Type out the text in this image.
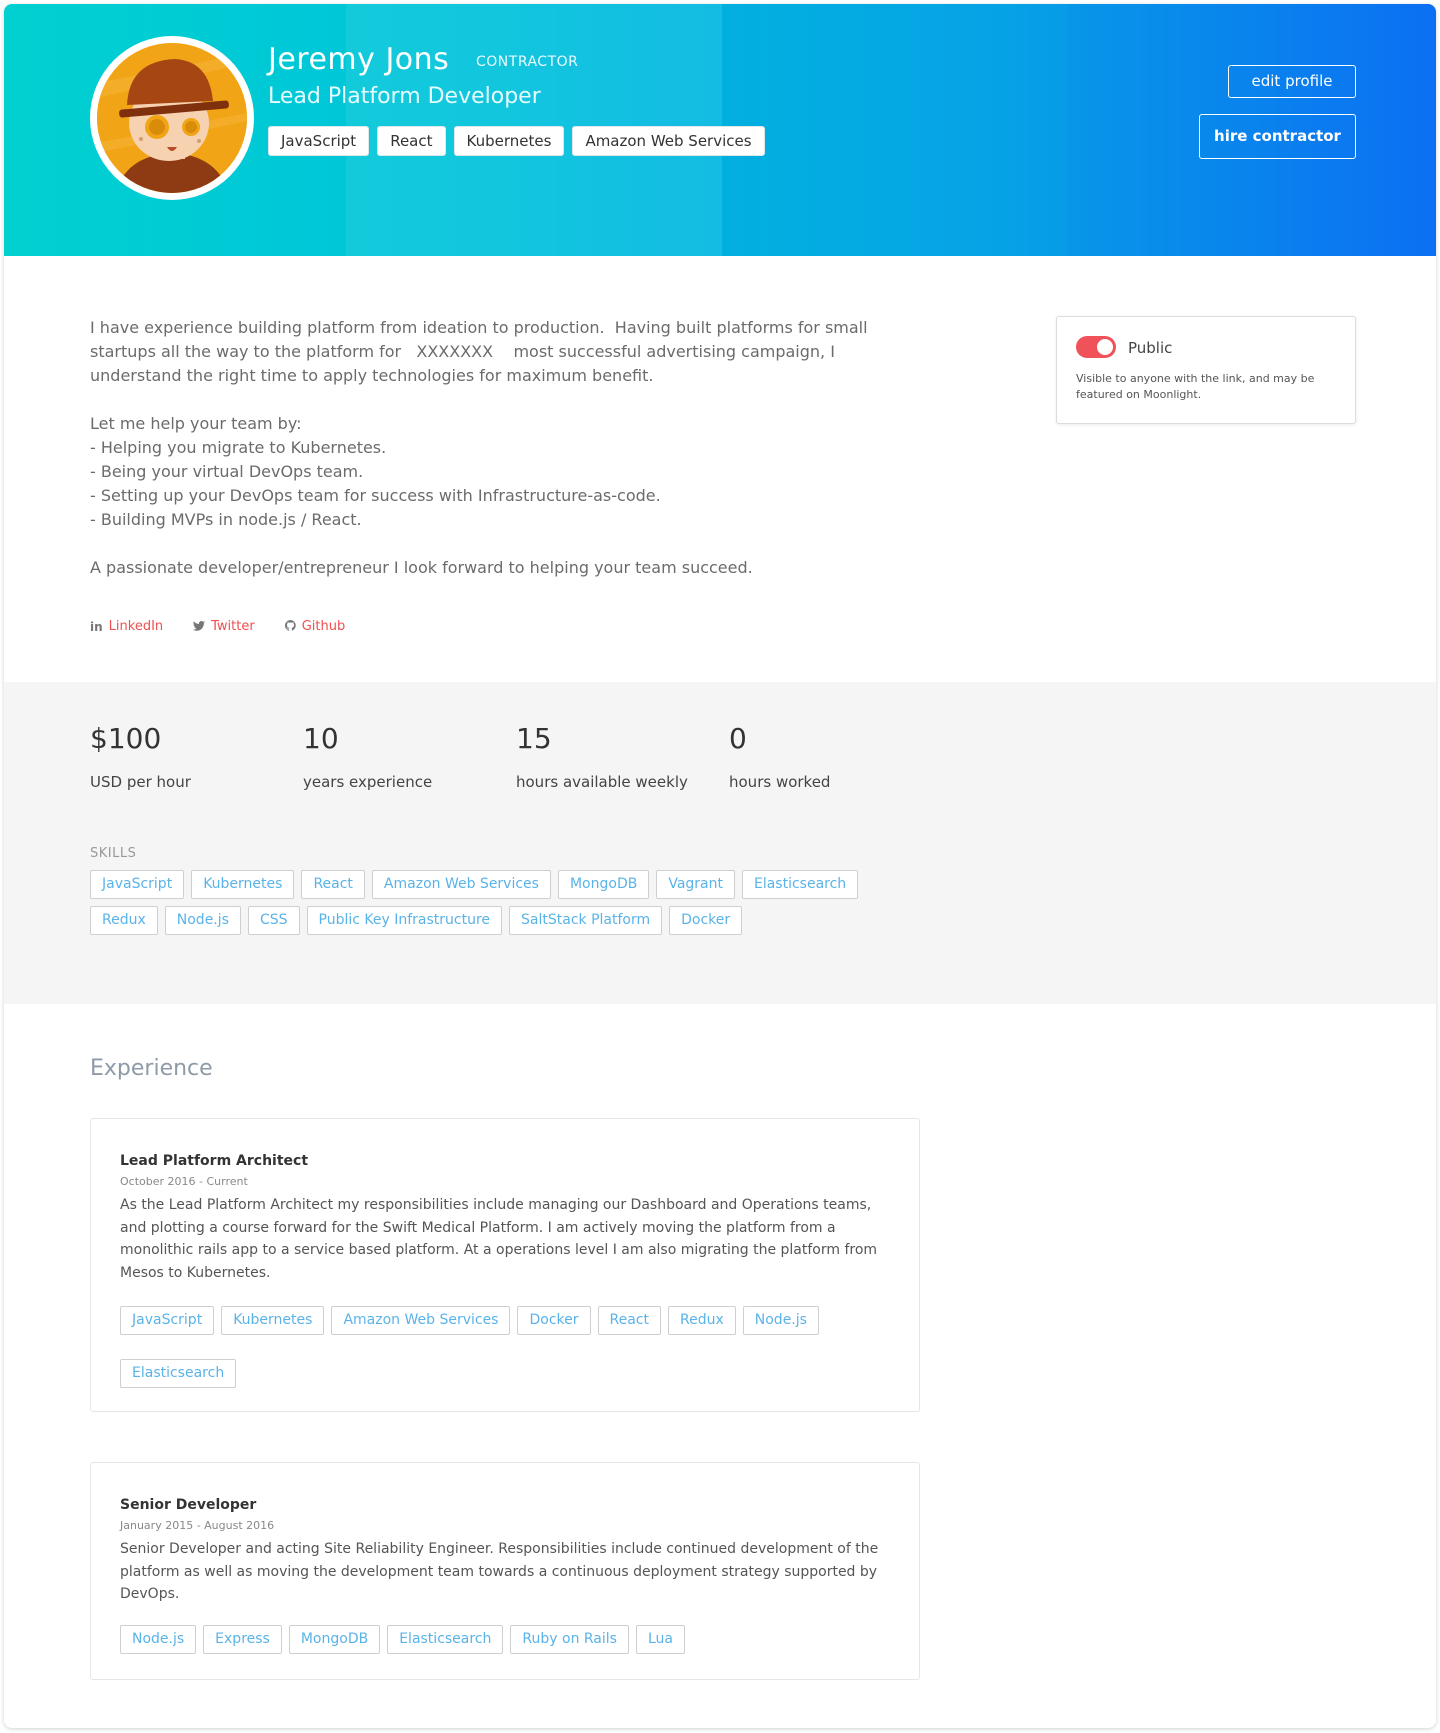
Jeremy Jons CONTRACTOR
Lead Platform Developer
JavaScript	React	Kubernetes	Amazon Web Services
edit profile
hire contractor

I have experience building platform from ideation to production.  Having built platforms for small
startups all the way to the platform for   XXXXXXX    most successful advertising campaign, I
understand the right time to apply technologies for maximum benefit.

Let me help your team by:
- Helping you migrate to Kubernetes.
- Being your virtual DevOps team.
- Setting up your DevOps team for success with Infrastructure-as-code.
- Building MVPs in node.js / React.

A passionate developer/entrepreneur I look forward to helping your team succeed.

in LinkedIn	Twitter	Github
Public
Visible to anyone with the link, and may be featured on Moonlight.
$100
USD per hour
10
years experience
15
hours available weekly
0
hours worked
SKILLS
JavaScript	Kubernetes	React	Amazon Web Services	MongoDB	Vagrant	Elasticsearch
Redux	Node.js	CSS	Public Key Infrastructure	SaltStack Platform	Docker
Experience
Lead Platform Architect
October 2016 - Current
As the Lead Platform Architect my responsibilities include managing our Dashboard and Operations teams, and plotting a course forward for the Swift Medical Platform. I am actively moving the platform from a monolithic rails app to a service based platform. At a operations level I am also migrating the platform from Mesos to Kubernetes.
JavaScript	Kubernetes	Amazon Web Services	Docker	React	Redux	Node.js
Elasticsearch
Senior Developer
January 2015 - August 2016
Senior Developer and acting Site Reliability Engineer. Responsibilities include continued development of the platform as well as moving the development team towards a continuous deployment strategy supported by DevOps.
Node.js	Express	MongoDB	Elasticsearch	Ruby on Rails	Lua
